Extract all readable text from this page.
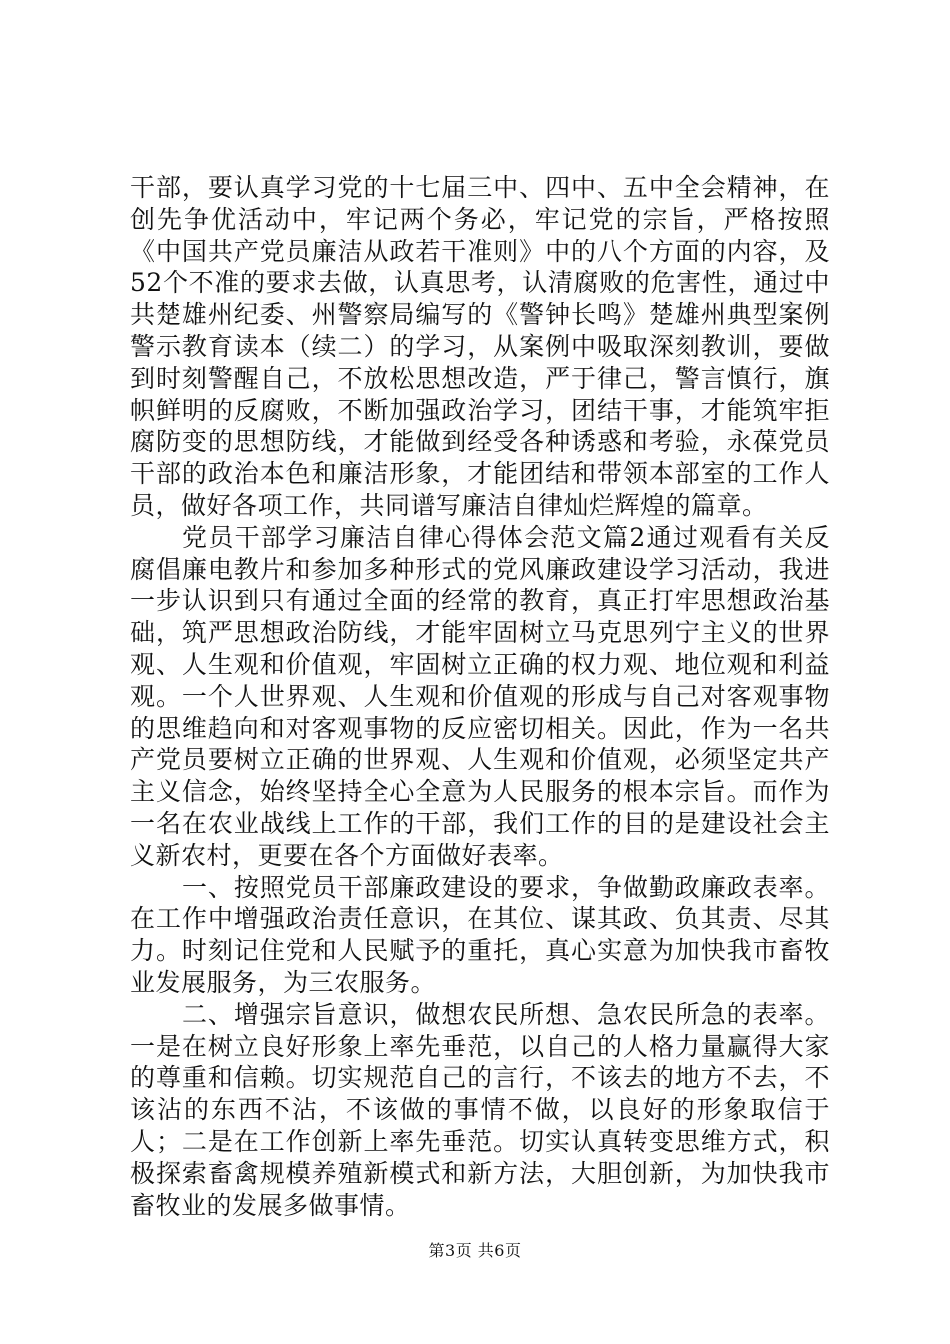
干部，要认真学习党的十七届三中、四中、五中全会精神，在创先争优活动中，牢记两个务必，牢记党的宗旨，严格按照《中国共产党员廉洁从政若干准则》中的八个方面的内容，及52个不准的要求去做，认真思考，认清腐败的危害性，通过中共楚雄州纪委、州警察局编写的《警钟长鸣》楚雄州典型案例警示教育读本（续二）的学习，从案例中吸取深刻教训，要做到时刻警醒自己，不放松思想改造，严于律己，警言慎行，旗帜鲜明的反腐败，不断加强政治学习，团结干事，才能筑牢拒腐防变的思想防线，才能做到经受各种诱惑和考验，永葆党员干部的政治本色和廉洁形象，才能团结和带领本部室的工作人员，做好各项工作，共同谱写廉洁自律灿烂辉煌的篇章。

党员干部学习廉洁自律心得体会范文篇2通过观看有关反腐倡廉电教片和参加多种形式的党风廉政建设学习活动，我进一步认识到只有通过全面的经常的教育，真正打牢思想政治基础，筑严思想政治防线，才能牢固树立马克思列宁主义的世界观、人生观和价值观，牢固树立正确的权力观、地位观和利益观。一个人世界观、人生观和价值观的形成与自己对客观事物的思维趋向和对客观事物的反应密切相关。因此，作为一名共产党员要树立正确的世界观、人生观和价值观，必须坚定共产主义信念，始终坚持全心全意为人民服务的根本宗旨。而作为一名在农业战线上工作的干部，我们工作的目的是建设社会主义新农村，更要在各个方面做好表率。

一、按照党员干部廉政建设的要求，争做勤政廉政表率。在工作中增强政治责任意识，在其位、谋其政、负其责、尽其力。时刻记住党和人民赋予的重托，真心实意为加快我市畜牧业发展服务，为三农服务。

二、增强宗旨意识，做想农民所想、急农民所急的表率。一是在树立良好形象上率先垂范，以自己的人格力量赢得大家的尊重和信赖。切实规范自己的言行，不该去的地方不去，不该沾的东西不沾，不该做的事情不做，以良好的形象取信于人；二是在工作创新上率先垂范。切实认真转变思维方式，积极探索畜禽规模养殖新模式和新方法，大胆创新，为加快我市畜牧业的发展多做事情。

第3页 共6页
